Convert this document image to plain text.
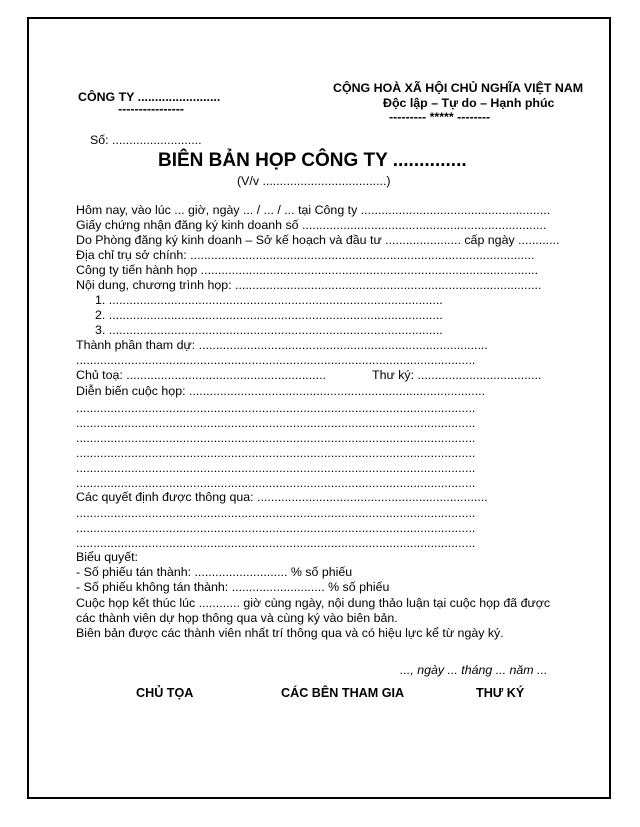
CÔNG TY ........................
----------------
CỘNG HOÀ XÃ HỘI CHỦ NGHĨA VIỆT NAM
Độc lập – Tự do – Hạnh phúc
--------- ***** --------
Số: ..........................
BIÊN BẢN HỌP CÔNG TY ..............
(V/v ....................................)
Hôm nay, vào lúc ... giờ, ngày ... / ... / ... tại Công ty .......................................................
Giấy chứng nhận đăng ký kinh doanh số .......................................................................
Do Phòng đăng ký kinh doanh – Sở kế hoạch và đầu tư ...................... cấp ngày ............
Địa chỉ trụ sở chính: ....................................................................................................
Công ty tiến hành họp ..................................................................................................
Nội dung, chương trình họp: .........................................................................................
1. .................................................................................................
2. .................................................................................................
3. .................................................................................................
Thành phần tham dự: ....................................................................................
....................................................................................................................
Chủ toạ: ..........................................................	Thư ký: ....................................
Diễn biến cuộc họp: ......................................................................................
....................................................................................................................
....................................................................................................................
....................................................................................................................
....................................................................................................................
....................................................................................................................
....................................................................................................................
Các quyết định được thông qua: ...................................................................
....................................................................................................................
....................................................................................................................
....................................................................................................................
Biểu quyết:
- Số phiếu tán thành: ........................... % số phiếu
- Số phiếu không tán thành: ........................... % số phiếu
Cuộc họp kết thúc lúc ............ giờ cùng ngày, nội dung thảo luận tại cuộc họp đã được
các thành viên dự họp thông qua và cùng ký vào biên bản.
Biên bản được các thành viên nhất trí thông qua và có hiệu lực kể từ ngày ký.
..., ngày ... tháng ... năm ...
CHỦ TỌA	CÁC BÊN THAM GIA	THƯ KÝ
